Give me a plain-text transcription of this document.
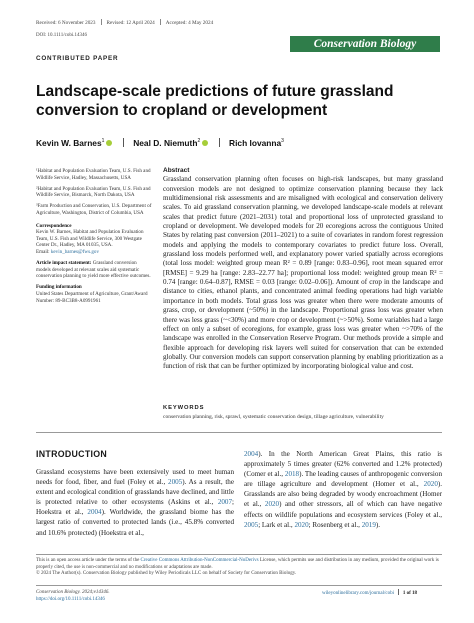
Received: 6 November 2023 Revised: 12 April 2024 Accepted: 4 May 2024
DOI: 10.1111/cobi.14346
Conservation Biology
CONTRIBUTED PAPER
Landscape-scale predictions of future grassland conversion to cropland or development
Kevin W. Barnes$^1$	Neal D. Niemuth$^2$	Rich Iovanna$^3$

¹Habitat and Population Evaluation Team, U.S. Fish and Wildlife Service, Hadley, Massachusetts, USA

²Habitat and Population Evaluation Team, U.S. Fish and Wildlife Service, Bismarck, North Dakota, USA

³Farm Production and Conservation, U.S. Department of Agriculture, Washington, District of Columbia, USA

Correspondence
Kevin W. Barnes, Habitat and Population Evaluation Team, U.S. Fish and Wildlife Service, 300 Westgate Center Dr., Hadley, MA 01035, USA.
Email: kevin_barnes@fws.gov

Article impact statement: Grassland conversion models developed at relevant scales aid systematic conservation planning to yield more effective outcomes.

Funding information
United States Department of Agriculture, Grant/Award Number: 89-BC3B8-A0991961

Abstract
Grassland conservation planning often focuses on high-risk landscapes, but many grassland conversion models are not designed to optimize conservation planning because they lack multidimensional risk assessments and are misaligned with ecological and conservation delivery scales. To aid grassland conservation planning, we developed landscape-scale models at relevant scales that predict future (2021–2031) total and proportional loss of unprotected grassland to cropland or development. We developed models for 20 ecoregions across the contiguous United States by relating past conversion (2011–2021) to a suite of covariates in random forest regression models and applying the models to contemporary covariates to predict future loss. Overall, grassland loss models performed well, and explanatory power varied spatially across ecoregions (total loss model: weighted group mean R² = 0.89 [range: 0.83–0.96], root mean squared error [RMSE] = 9.29 ha [range: 2.83–22.77 ha]; proportional loss model: weighted group mean R² = 0.74 [range: 0.64–0.87], RMSE = 0.03 [range: 0.02–0.06]). Amount of crop in the landscape and distance to cities, ethanol plants, and concentrated animal feeding operations had high variable importance in both models. Total grass loss was greater when there were moderate amounts of grass, crop, or development (~50%) in the landscape. Proportional grass loss was greater when there was less grass (~<30%) and more crop or development (~>50%). Some variables had a large effect on only a subset of ecoregions, for example, grass loss was greater when ~>70% of the landscape was enrolled in the Conservation Reserve Program. Our methods provide a simple and flexible approach for developing risk layers well suited for conservation that can be extended globally. Our conversion models can support conservation planning by enabling prioritization as a function of risk that can be further optimized by incorporating biological value and cost.
KEYWORDS
conservation planning, risk, sprawl, systematic conservation design, tillage agriculture, vulnerability
INTRODUCTION
Grassland ecosystems have been extensively used to meet human needs for food, fiber, and fuel (Foley et al., 2005). As a result, the extent and ecological condition of grasslands have declined, and little is protected relative to other ecosystems (Askins et al., 2007; Hoekstra et al., 2004). Worldwide, the grassland biome has the largest ratio of converted to protected lands (i.e., 45.8% converted and 10.6% protected) (Hoekstra et al.,
2004). In the North American Great Plains, this ratio is approximately 5 times greater (62% converted and 1.2% protected) (Comer et al., 2018). The leading causes of anthropogenic conversion are tillage agriculture and development (Homer et al., 2020). Grasslands are also being degraded by woody encroachment (Homer et al., 2020) and other stressors, all of which can have negative effects on wildlife populations and ecosystem services (Foley et al., 2005; Lark et al., 2020; Rosenberg et al., 2019).
This is an open access article under the terms of the Creative Commons Attribution-NonCommercial-NoDerivs License, which permits use and distribution in any medium, provided the original work is properly cited, the use is non-commercial and no modifications or adaptations are made.
© 2024 The Author(s). Conservation Biology published by Wiley Periodicals LLC on behalf of Society for Conservation Biology.
Conservation Biology. 2024;e14346.
https://doi.org/10.1111/cobi.14346
wileyonlinelibrary.com/journal/cobi 1 of 18
